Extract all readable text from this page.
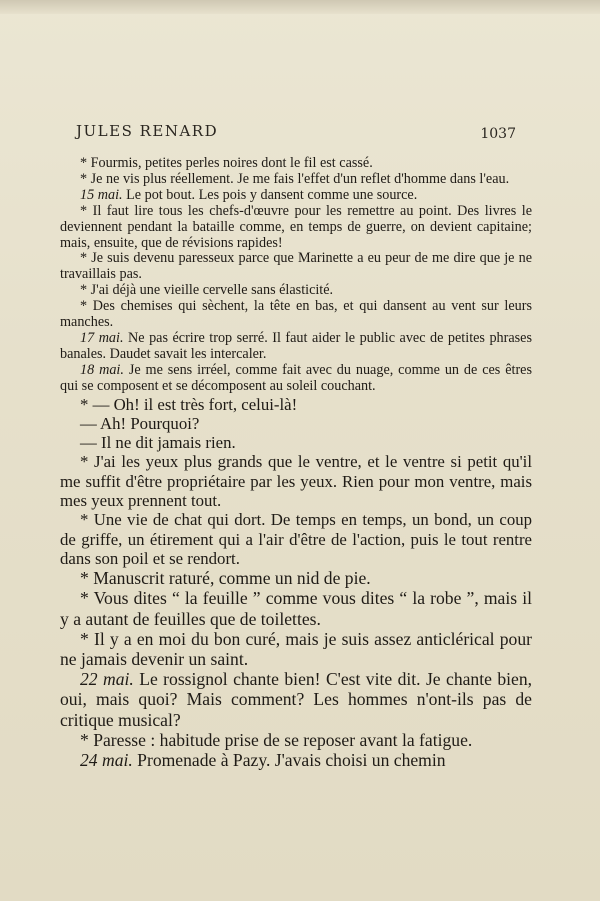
JULES RENARD	1037

* Fourmis, petites perles noires dont le fil est cassé.

* Je ne vis plus réellement. Je me fais l'effet d'un reflet d'homme dans l'eau.

15 mai. Le pot bout. Les pois y dansent comme une source.

* Il faut lire tous les chefs-d'œuvre pour les remettre au point. Des livres le deviennent pendant la bataille comme, en temps de guerre, on devient capitaine; mais, ensuite, que de révisions rapides!

* Je suis devenu paresseux parce que Marinette a eu peur de me dire que je ne travaillais pas.

* J'ai déjà une vieille cervelle sans élasticité.

* Des chemises qui sèchent, la tête en bas, et qui dansent au vent sur leurs manches.

17 mai. Ne pas écrire trop serré. Il faut aider le public avec de petites phrases banales. Daudet savait les intercaler.

18 mai. Je me sens irréel, comme fait avec du nuage, comme un de ces êtres qui se composent et se décomposent au soleil couchant.

* — Oh! il est très fort, celui-là!

— Ah! Pourquoi?

— Il ne dit jamais rien.

* J'ai les yeux plus grands que le ventre, et le ventre si petit qu'il me suffit d'être propriétaire par les yeux. Rien pour mon ventre, mais mes yeux prennent tout.

* Une vie de chat qui dort. De temps en temps, un bond, un coup de griffe, un étirement qui a l'air d'être de l'action, puis le tout rentre dans son poil et se rendort.

* Manuscrit raturé, comme un nid de pie.

* Vous dites “ la feuille ” comme vous dites “ la robe ”, mais il y a autant de feuilles que de toilettes.

* Il y a en moi du bon curé, mais je suis assez anticlérical pour ne jamais devenir un saint.

22 mai. Le rossignol chante bien! C'est vite dit. Je chante bien, oui, mais quoi? Mais comment? Les hommes n'ont-ils pas de critique musical?

* Paresse : habitude prise de se reposer avant la fatigue.

24 mai. Promenade à Pazy. J'avais choisi un chemin
